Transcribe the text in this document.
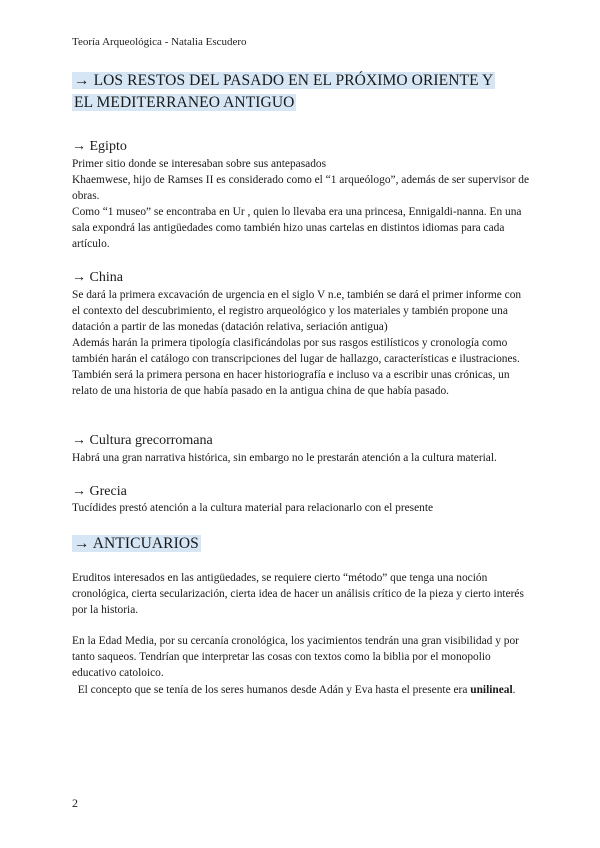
Teoría Arqueológica - Natalia Escudero
→ LOS RESTOS DEL PASADO EN EL PRÓXIMO ORIENTE Y
EL MEDITERRANEO ANTIGUO
→ Egipto
Primer sitio donde se interesaban sobre sus antepasados
Khaemwese, hijo de Ramses II es considerado como el “1 arqueólogo”, además de ser supervisor de obras.
Como “1 museo” se encontraba en Ur , quien lo llevaba era una princesa, Ennigaldi-nanna. En una sala expondrá las antigüedades como también hizo unas cartelas en distintos idiomas para cada artículo.
→ China
Se dará la primera excavación de urgencia en el siglo V n.e, también se dará el primer informe con el contexto del descubrimiento, el registro arqueológico y los materiales y también propone una datación a partir de las monedas (datación relativa, seriación antigua)
Además harán la primera tipología clasificándolas por sus rasgos estilísticos y cronología como también harán el catálogo con transcripciones del lugar de hallazgo, características e ilustraciones.
También será la primera persona en hacer historiografía e incluso va a escribir unas crónicas, un relato de una historia de que había pasado en la antigua china de que había pasado.
→ Cultura grecorromana
Habrá una gran narrativa histórica, sin embargo no le prestarán atención a la cultura material.
→ Grecia
Tucídides prestó atención a la cultura material para relacionarlo con el presente
→ ANTICUARIOS
Eruditos interesados en las antigüedades, se requiere cierto “método” que tenga una noción cronológica, cierta secularización, cierta idea de hacer un análisis crítico de la pieza y cierto interés por la historia.
En la Edad Media, por su cercanía cronológica, los yacimientos tendrán una gran visibilidad y por tanto saqueos. Tendrían que interpretar las cosas con textos como la biblia por el monopolio educativo catoloico.
El concepto que se tenía de los seres humanos desde Adán y Eva hasta el presente era unilineal.
2
